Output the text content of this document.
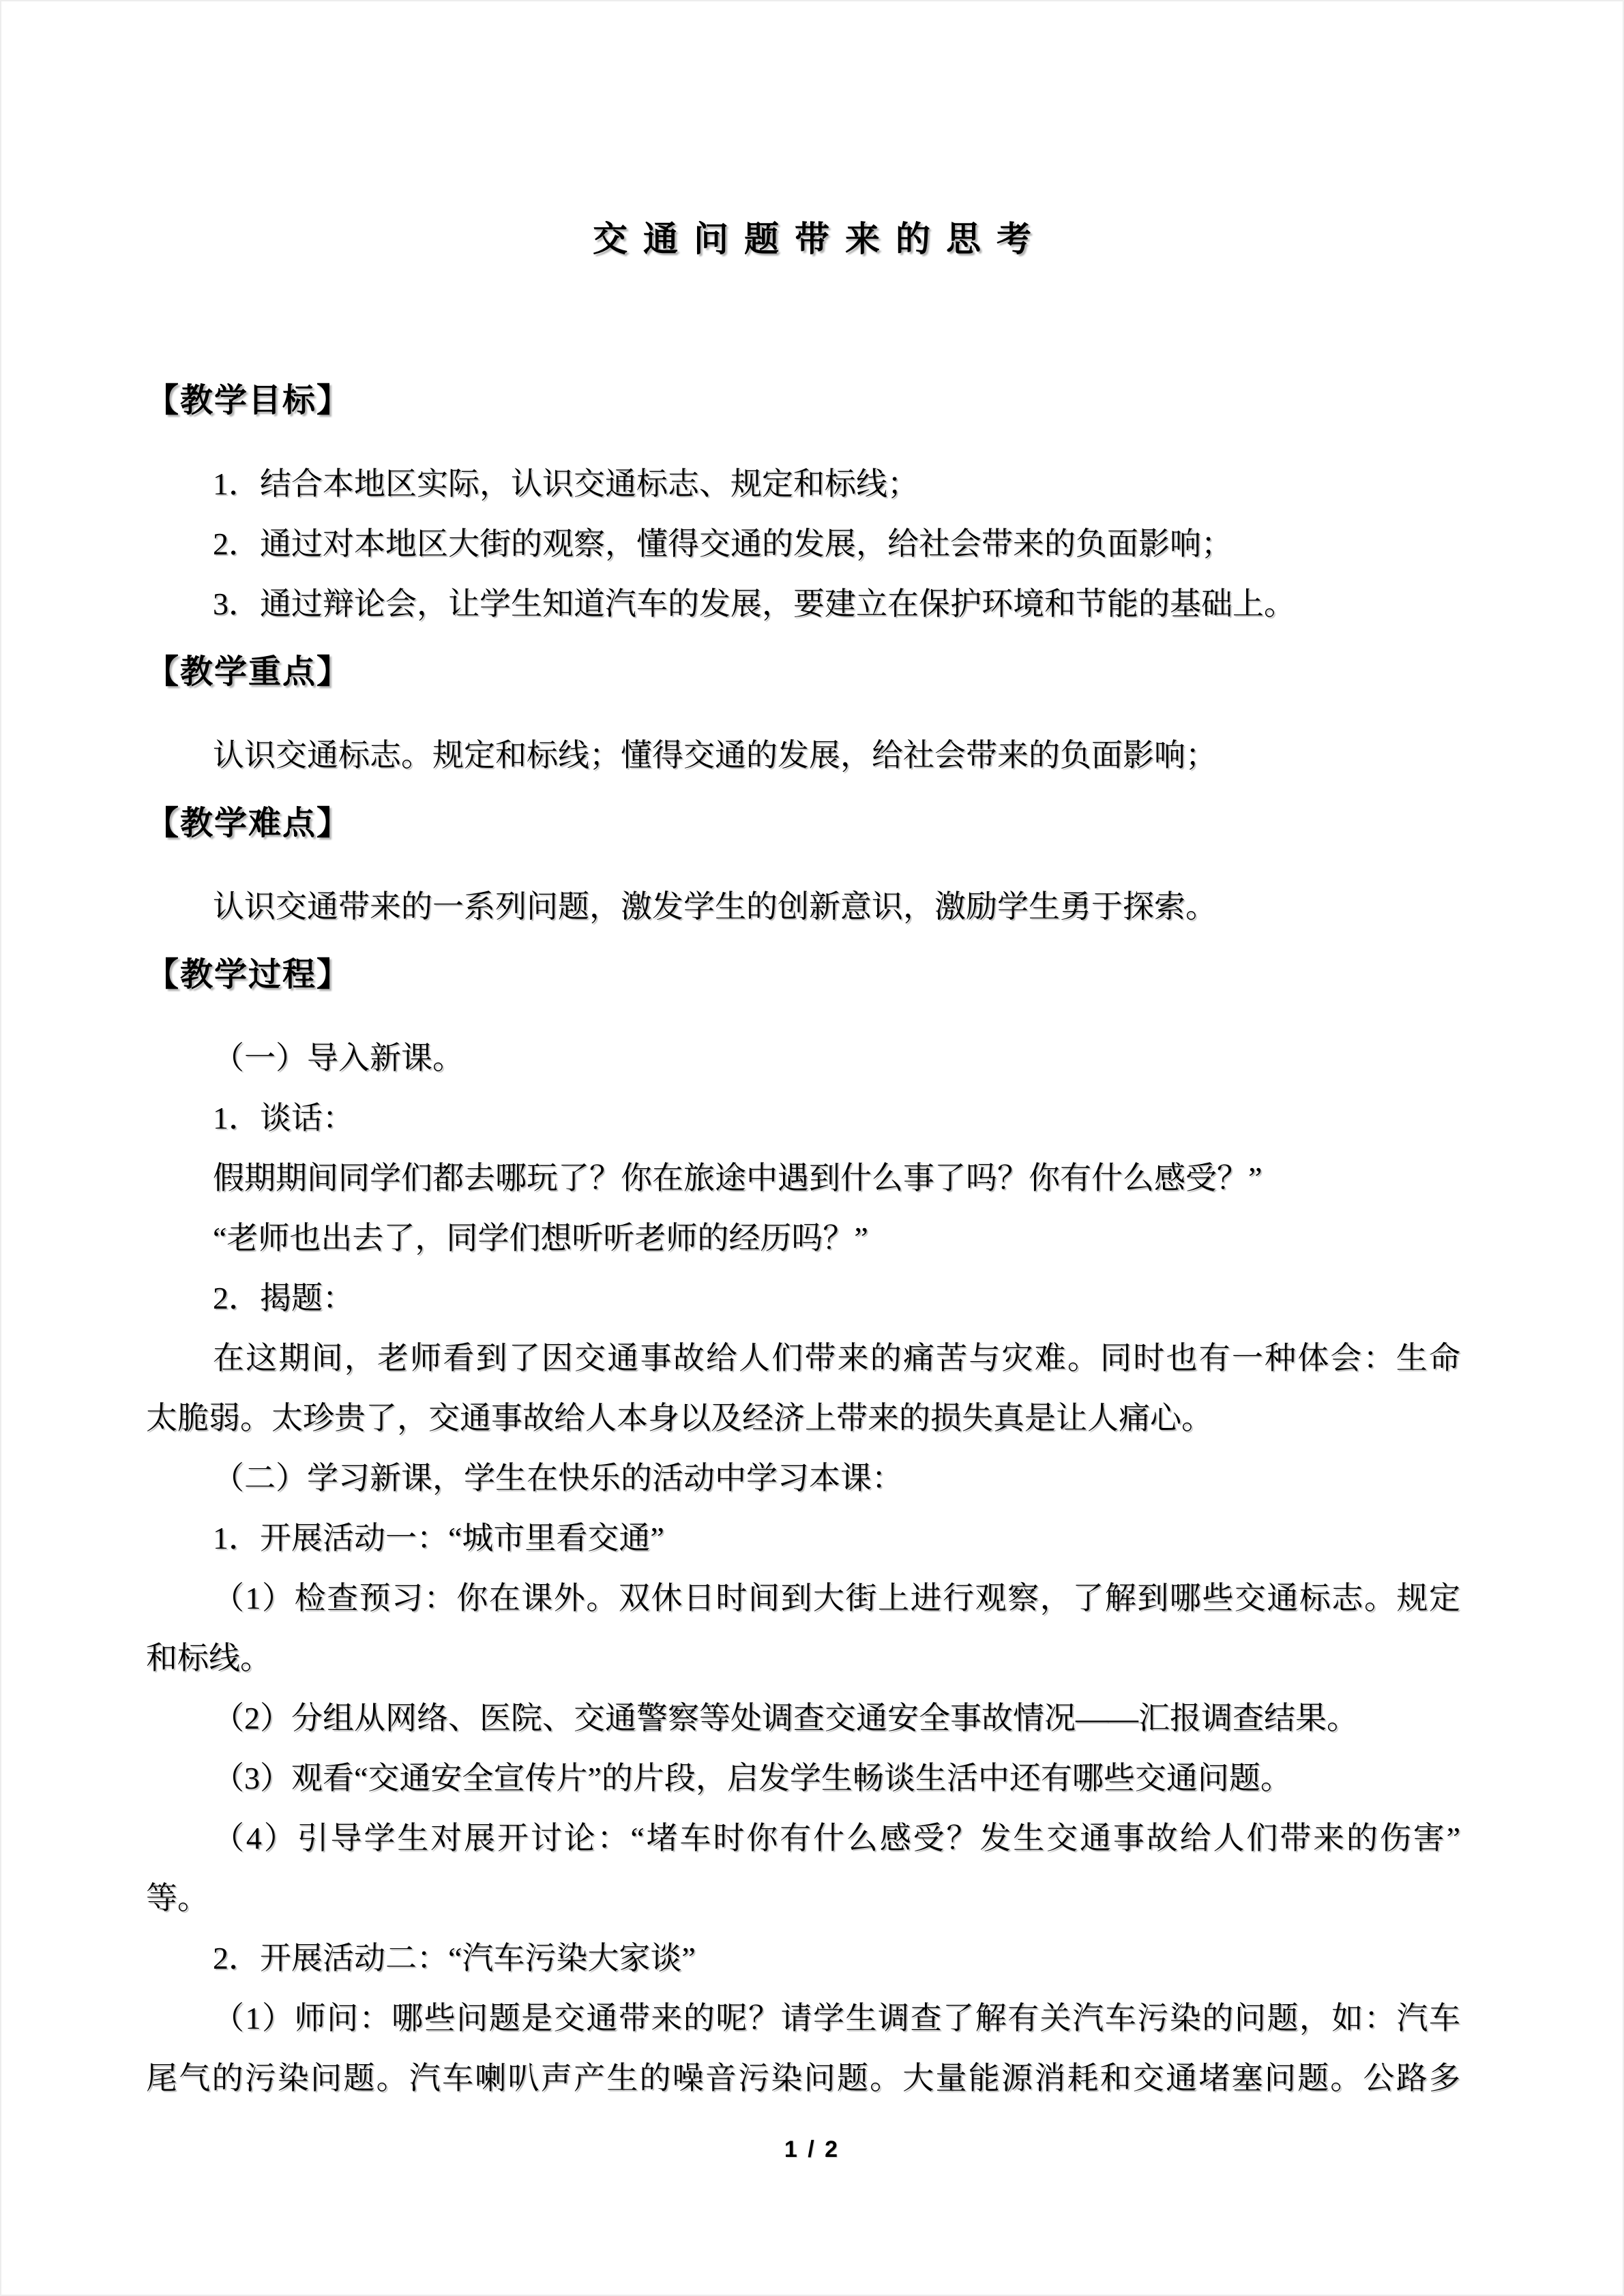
交通问题带来的思考
【教学目标】
1．结合本地区实际，认识交通标志、规定和标线；
2．通过对本地区大街的观察，懂得交通的发展，给社会带来的负面影响；
3．通过辩论会，让学生知道汽车的发展，要建立在保护环境和节能的基础上。
【教学重点】
认识交通标志。规定和标线；懂得交通的发展，给社会带来的负面影响；
【教学难点】
认识交通带来的一系列问题，激发学生的创新意识，激励学生勇于探索。
【教学过程】
（一）导入新课。
1．谈话：
假期期间同学们都去哪玩了？你在旅途中遇到什么事了吗？你有什么感受？”
“老师也出去了，同学们想听听老师的经历吗？”
2．揭题：
在这期间，老师看到了因交通事故给人们带来的痛苦与灾难。同时也有一种体会：生命
太脆弱。太珍贵了，交通事故给人本身以及经济上带来的损失真是让人痛心。
（二）学习新课，学生在快乐的活动中学习本课：
1．开展活动一：“城市里看交通”
（1）检查预习：你在课外。双休日时间到大街上进行观察，了解到哪些交通标志。规定
和标线。
（2）分组从网络、医院、交通警察等处调查交通安全事故情况——汇报调查结果。
（3）观看“交通安全宣传片”的片段，启发学生畅谈生活中还有哪些交通问题。
（4）引导学生对展开讨论：“堵车时你有什么感受？发生交通事故给人们带来的伤害”
等。
2．开展活动二：“汽车污染大家谈”
（1）师问：哪些问题是交通带来的呢？请学生调查了解有关汽车污染的问题，如：汽车
尾气的污染问题。汽车喇叭声产生的噪音污染问题。大量能源消耗和交通堵塞问题。公路多
1 / 2
